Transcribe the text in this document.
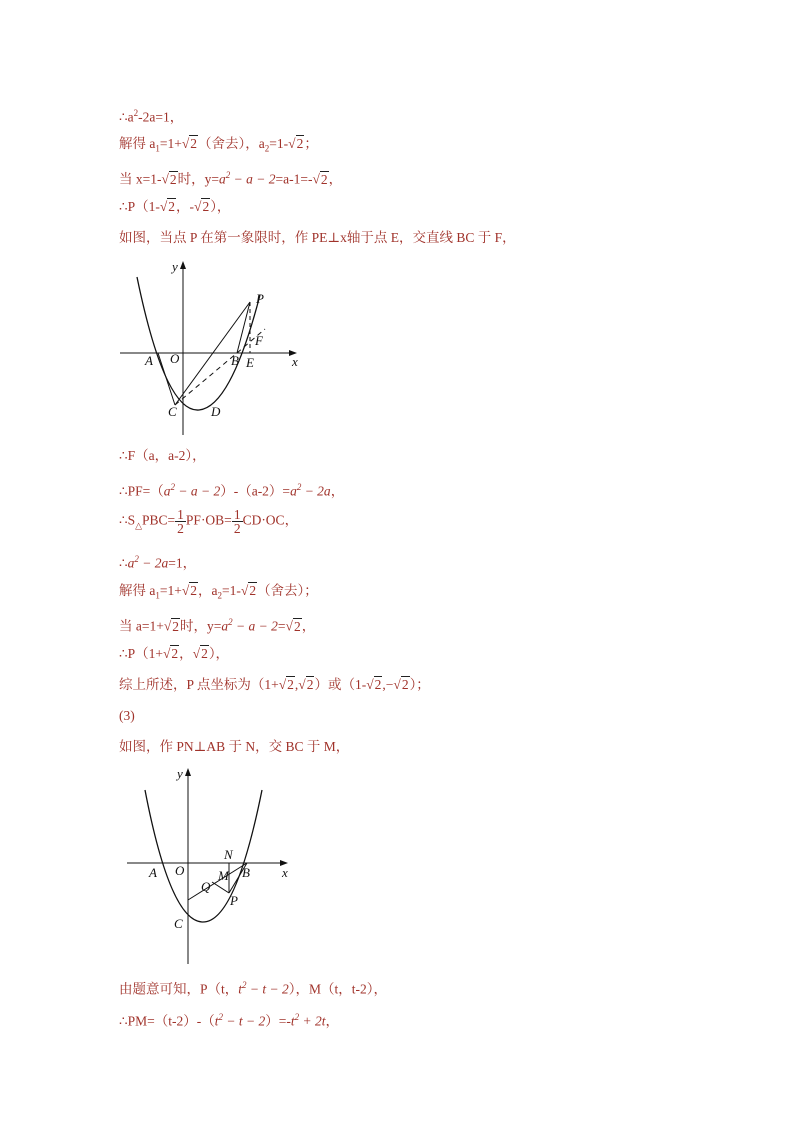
$\therefore a^2-2a=1$，
解得 $a_1=1+√2$（舍去），$a_2=1-√2$；
当 x=1-√2时，$y=a^2 - a - 2=a-1=-√2$，
∴P（1-√2，-√2），
如图，当点 P 在第一象限时，作 PE⊥x轴于点 E，交直线 BC 于 F，
y
x
O
A	B E
F
P
C	D
∴F（a，a-2），
$\therefore PF=(a^2 - a - 2)-(a-2)=a^2 - 2a$，
$\therefore S_\triangle PBC= \frac{1}{2} PF\cdot OB= \frac{1}{2} CD\cdot OC$，
$\therefore a^2 - 2a=1$，
解得 $a_1=1+√2$，$a_2=1-√2$（舍去）；
当 a=1+√2时，$y=a^2 - a - 2=√2$，
∴P（1+√2，√2），
综上所述，P 点坐标为（1+√2,√2）或（1-√2,−√2）；
(3)
如图，作 PN⊥AB 于 N，交 BC 于 M，
y
x
O
A	B
N
M
Q
P
C
由题意可知，P（t，$t^2 - t - 2$），M（t，t-2），
$\therefore PM=(t-2)-(t^2 - t - 2)=-t^2 + 2t$，
